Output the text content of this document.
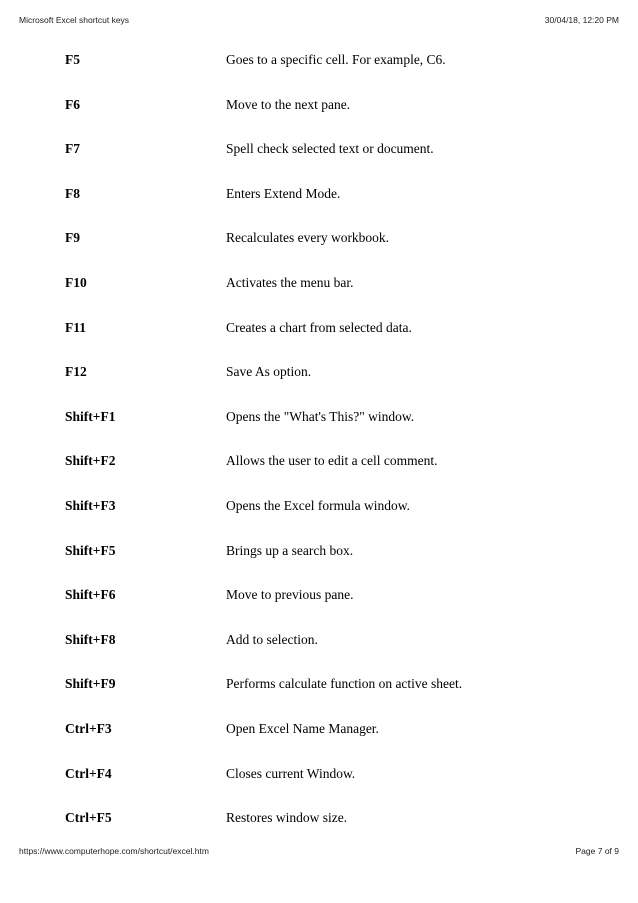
Microsoft Excel shortcut keys	30/04/18, 12:20 PM
F5	Goes to a specific cell. For example, C6.
F6	Move to the next pane.
F7	Spell check selected text or document.
F8	Enters Extend Mode.
F9	Recalculates every workbook.
F10	Activates the menu bar.
F11	Creates a chart from selected data.
F12	Save As option.
Shift+F1	Opens the "What's This?" window.
Shift+F2	Allows the user to edit a cell comment.
Shift+F3	Opens the Excel formula window.
Shift+F5	Brings up a search box.
Shift+F6	Move to previous pane.
Shift+F8	Add to selection.
Shift+F9	Performs calculate function on active sheet.
Ctrl+F3	Open Excel Name Manager.
Ctrl+F4	Closes current Window.
Ctrl+F5	Restores window size.
https://www.computerhope.com/shortcut/excel.htm	Page 7 of 9
